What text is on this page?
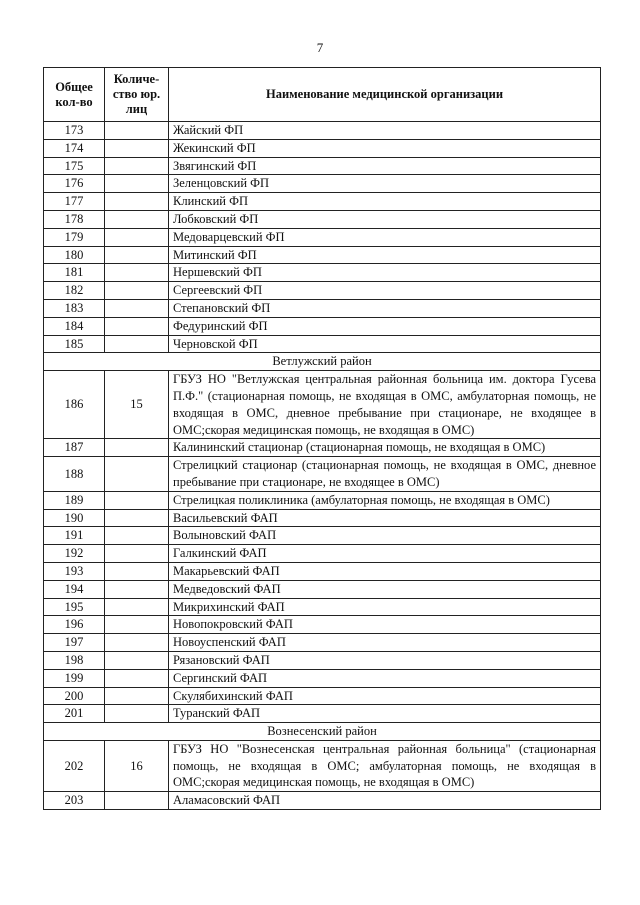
7
Общее кол-во	Количе-ство юр. лиц	Наименование медицинской организации
173		Жайский ФП
174		Жекинский ФП
175		Звягинский ФП
176		Зеленцовский ФП
177		Клинский ФП
178		Лобковский ФП
179		Медоварцевский ФП
180		Митинский ФП
181		Нершевский ФП
182		Сергеевский ФП
183		Степановский ФП
184		Федуринский ФП
185		Черновской ФП
Ветлужский район		
186	15	ГБУЗ НО "Ветлужская центральная районная больница им. доктора Гусева П.Ф." (стационарная помощь, не входящая в ОМС, амбулаторная помощь, не входящая в ОМС, дневное пребывание при стационаре, не входящее в ОМС;скорая медицинская помощь, не входящая в ОМС)
187		Калининский стационар (стационарная помощь, не входящая в ОМС)
188		Стрелицкий стационар (стационарная помощь, не входящая в ОМС, дневное пребывание при стационаре, не входящее в ОМС)
189		Стрелицкая поликлиника (амбулаторная помощь, не входящая в ОМС)
190		Васильевский ФАП
191		Волыновский ФАП
192		Галкинский ФАП
193		Макарьевский ФАП
194		Медведовский ФАП
195		Микрихинский ФАП
196		Новопокровский ФАП
197		Новоуспенский ФАП
198		Рязановский ФАП
199		Сергинский ФАП
200		Скулябихинский ФАП
201		Туранский ФАП
Вознесенский район		
202	16	ГБУЗ НО "Вознесенская центральная районная больница" (стационарная помощь, не входящая в ОМС; амбулаторная помощь, не входящая в ОМС;скорая медицинская помощь, не входящая в ОМС)
203		Аламасовский ФАП
